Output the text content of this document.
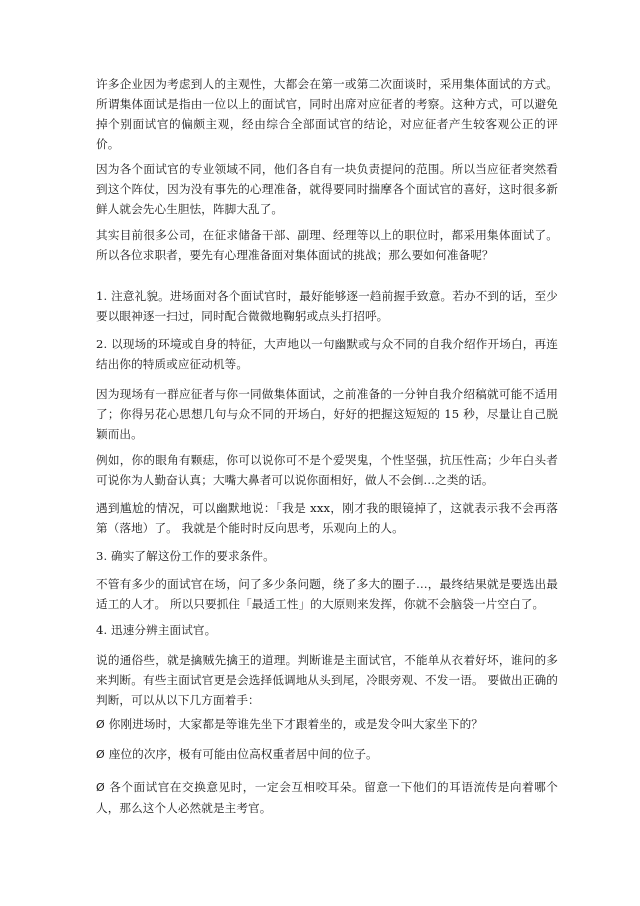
许多企业因为考虑到人的主观性，大都会在第一或第二次面谈时，采用集体面试的方式。所谓集体面试是指由一位以上的面试官，同时出席对应征者的考察。这种方式，可以避免掉个别面试官的偏颇主观，经由综合全部面试官的结论，对应征者产生较客观公正的评价。

因为各个面试官的专业领域不同，他们各自有一块负责提问的范围。所以当应征者突然看到这个阵仗，因为没有事先的心理准备，就得要同时揣摩各个面试官的喜好，这时很多新鲜人就会先心生胆怯，阵脚大乱了。

其实目前很多公司，在征求储备干部、副理、经理等以上的职位时，都采用集体面试了。所以各位求职者，要先有心理准备面对集体面试的挑战；那么要如何准备呢？

1. 注意礼貌。进场面对各个面试官时，最好能够逐一趋前握手致意。若办不到的话，至少要以眼神逐一扫过，同时配合微微地鞠躬或点头打招呼。

2. 以现场的环境或自身的特征，大声地以一句幽默或与众不同的自我介绍作开场白，再连结出你的特质或应征动机等。

因为现场有一群应征者与你一同做集体面试，之前准备的一分钟自我介绍稿就可能不适用了；你得另花心思想几句与众不同的开场白，好好的把握这短短的 15 秒，尽量让自己脱颖而出。

例如，你的眼角有颗痣，你可以说你可不是个爱哭鬼，个性坚强，抗压性高；少年白头者可说你为人勤奋认真；大嘴大鼻者可以说你面相好，做人不会倒…之类的话。

遇到尴尬的情况，可以幽默地说：「我是 xxx，刚才我的眼镜掉了，这就表示我不会再落第（落地）了。 我就是个能时时反向思考，乐观向上的人。

3. 确实了解这份工作的要求条件。

不管有多少的面试官在场，问了多少条问题，绕了多大的圈子…，最终结果就是要选出最适工的人才。 所以只要抓住「最适工性」的大原则来发挥，你就不会脑袋一片空白了。

4. 迅速分辨主面试官。

说的通俗些，就是擒贼先擒王的道理。判断谁是主面试官，不能单从衣着好坏，谁问的多来判断。有些主面试官更是会选择低调地从头到尾，冷眼旁观、不发一语。 要做出正确的判断，可以从以下几方面着手：

Ø 你刚进场时，大家都是等谁先坐下才跟着坐的，或是发令叫大家坐下的？

Ø 座位的次序，极有可能由位高权重者居中间的位子。

Ø 各个面试官在交换意见时，一定会互相咬耳朵。留意一下他们的耳语流传是向着哪个人，那么这个人必然就是主考官。
